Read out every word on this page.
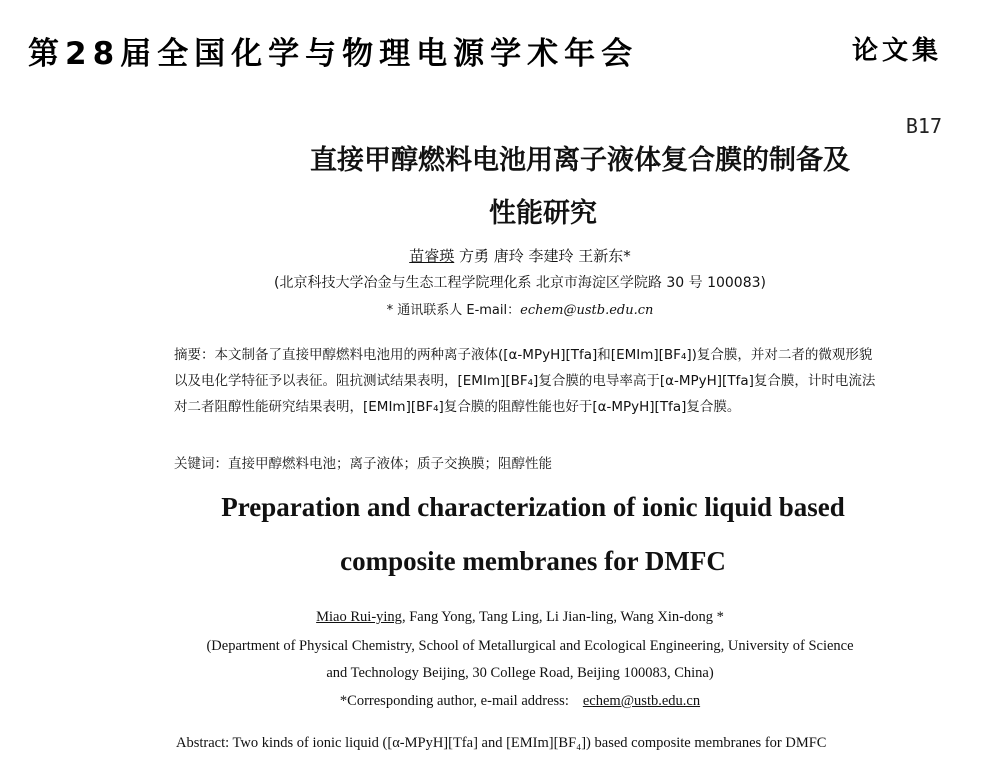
第28届全国化学与物理电源学术年会	论文集
B17
直接甲醇燃料电池用离子液体复合膜的制备及
性能研究
苗睿瑛 方勇 唐玲 李建玲 王新东*
(北京科技大学冶金与生态工程学院理化系 北京市海淀区学院路 30 号 100083)
* 通讯联系人 E-mail：echem@ustb.edu.cn

摘要：本文制备了直接甲醇燃料电池用的两种离子液体([α-MPyH][Tfa]和[EMIm][BF₄])复合膜，并对二者的微观形貌以及电化学特征予以表征。阻抗测试结果表明，[EMIm][BF₄]复合膜的电导率高于[α-MPyH][Tfa]复合膜，计时电流法对二者阻醇性能研究结果表明，[EMIm][BF₄]复合膜的阻醇性能也好于[α-MPyH][Tfa]复合膜。

关键词：直接甲醇燃料电池；离子液体；质子交换膜；阻醇性能
Preparation and characterization of ionic liquid based
composite membranes for DMFC
Miao Rui-ying, Fang Yong, Tang Ling, Li Jian-ling, Wang Xin-dong *
(Department of Physical Chemistry, School of Metallurgical and Ecological Engineering, University of Science
and Technology Beijing, 30 College Road, Beijing 100083, China)
*Corresponding author, e-mail address: echem@ustb.edu.cn
Abstract: Two kinds of ionic liquid ([α-MPyH][Tfa] and [EMIm][BF₄]) based composite membranes for DMFC
